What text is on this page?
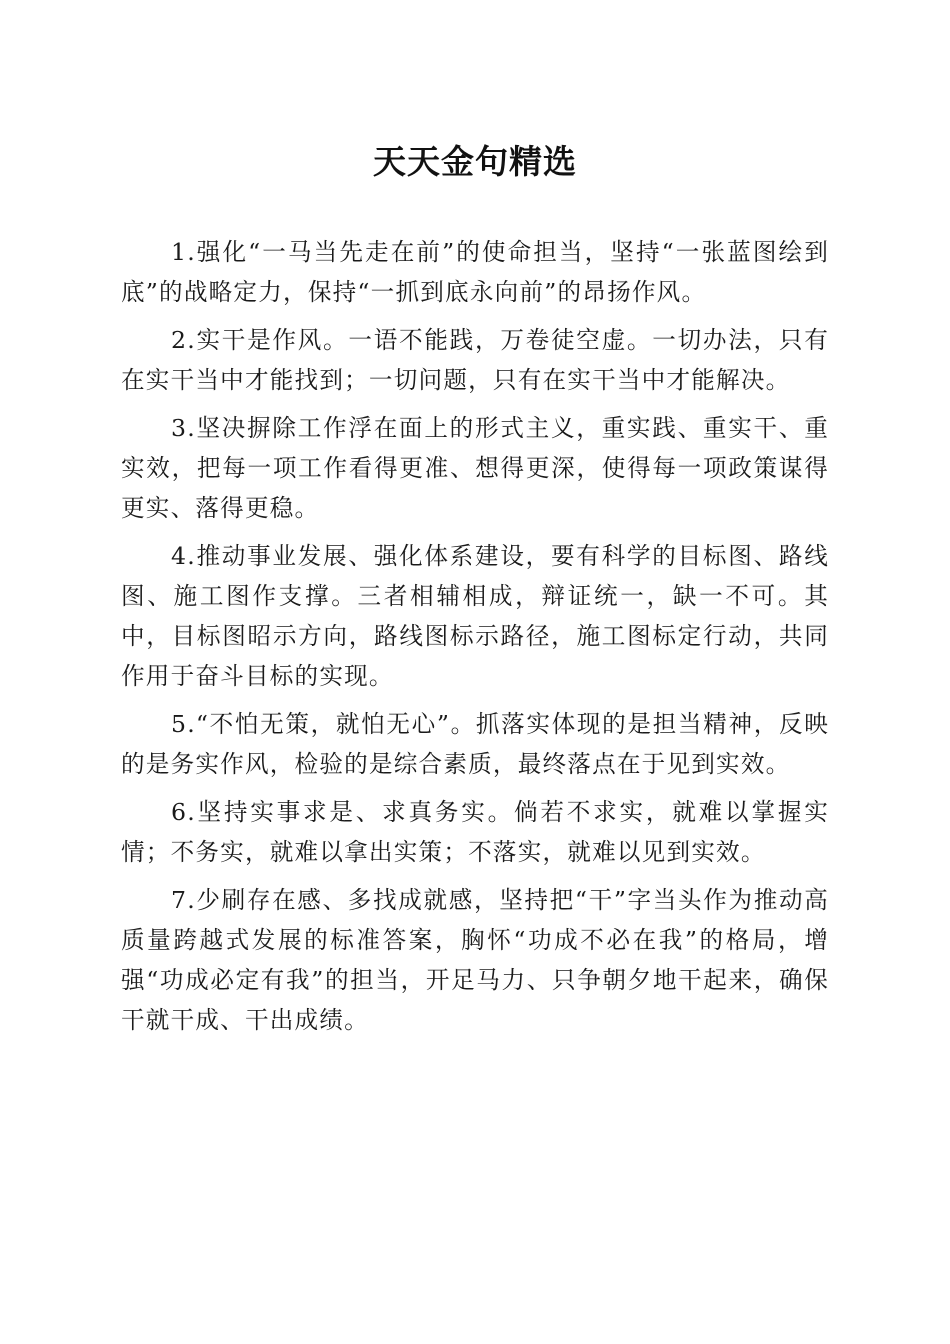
天天金句精选

1.强化“一马当先走在前”的使命担当，坚持“一张蓝图绘到底”的战略定力，保持“一抓到底永向前”的昂扬作风。

2.实干是作风。一语不能践，万卷徒空虚。一切办法，只有在实干当中才能找到；一切问题，只有在实干当中才能解决。

3.坚决摒除工作浮在面上的形式主义，重实践、重实干、重实效，把每一项工作看得更准、想得更深，使得每一项政策谋得更实、落得更稳。

4.推动事业发展、强化体系建设，要有科学的目标图、路线图、施工图作支撑。三者相辅相成，辩证统一，缺一不可。其中，目标图昭示方向，路线图标示路径，施工图标定行动，共同作用于奋斗目标的实现。

5.“不怕无策，就怕无心”。抓落实体现的是担当精神，反映的是务实作风，检验的是综合素质，最终落点在于见到实效。

6.坚持实事求是、求真务实。倘若不求实，就难以掌握实情；不务实，就难以拿出实策；不落实，就难以见到实效。

7.少刷存在感、多找成就感，坚持把“干”字当头作为推动高质量跨越式发展的标准答案，胸怀“功成不必在我”的格局，增强“功成必定有我”的担当，开足马力、只争朝夕地干起来，确保干就干成、干出成绩。
